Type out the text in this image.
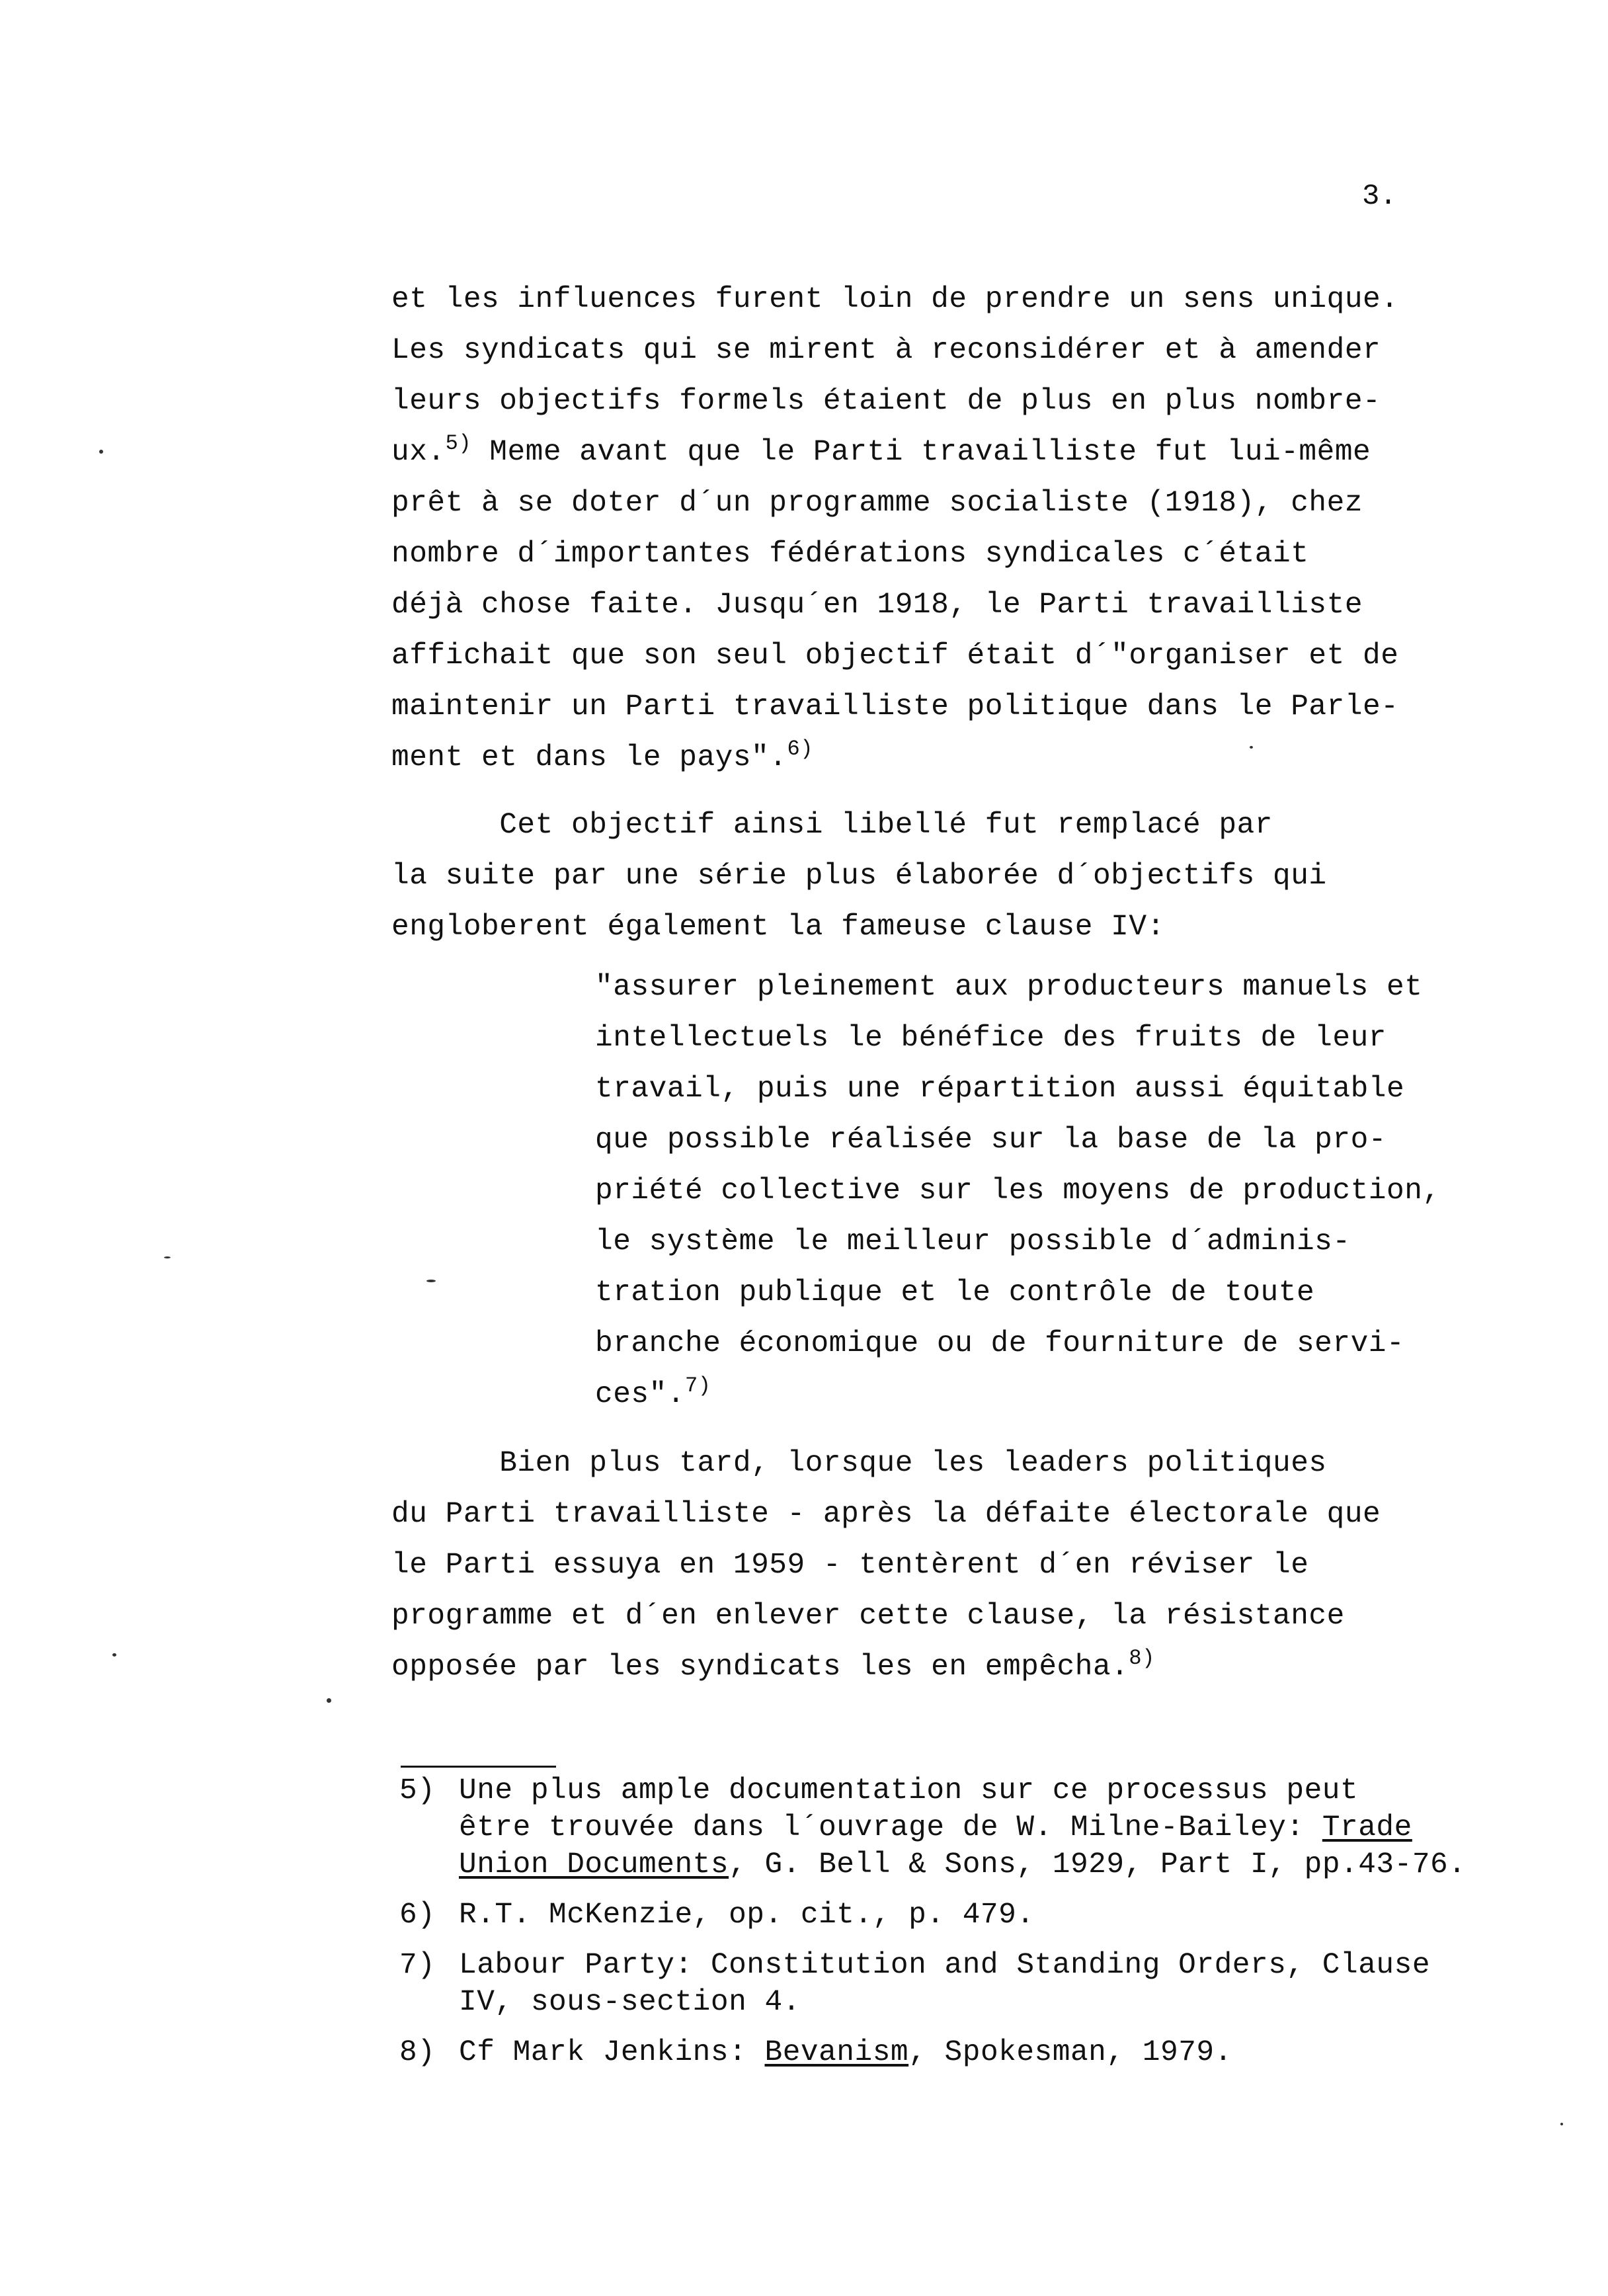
3.
et les influences furent loin de prendre un sens unique.
Les syndicats qui se mirent à reconsidérer et à amender
leurs objectifs formels étaient de plus en plus nombre-
ux.$^{5)}$ Meme avant que le Parti travailliste fut lui-même
prêt à se doter d´un programme socialiste (1918), chez
nombre d´importantes fédérations syndicales c´était
déjà chose faite. Jusqu´en 1918, le Parti travailliste
affichait que son seul objectif était d´"organiser et de
maintenir un Parti travailliste politique dans le Parle-
ment et dans le pays".$^{6)}$
Cet objectif ainsi libellé fut remplacé par
la suite par une série plus élaborée d´objectifs qui
engloberent également la fameuse clause IV:
"assurer pleinement aux producteurs manuels et
intellectuels le bénéfice des fruits de leur
travail, puis une répartition aussi équitable
que possible réalisée sur la base de la pro-
priété collective sur les moyens de production,
le système le meilleur possible d´adminis-
tration publique et le contrôle de toute
branche économique ou de fourniture de servi-
ces".$^{7)}$
Bien plus tard, lorsque les leaders politiques
du Parti travailliste - après la défaite électorale que
le Parti essuya en 1959 - tentèrent d´en réviser le
programme et d´en enlever cette clause, la résistance
opposée par les syndicats les en empêcha.$^{8)}$
5) Une plus ample documentation sur ce processus peut
être trouvée dans l´ouvrage de W. Milne-Bailey: Trade
Union Documents, G. Bell & Sons, 1929, Part I, pp.43-76.
6) R.T. McKenzie, op. cit., p. 479.
7) Labour Party: Constitution and Standing Orders, Clause
IV, sous-section 4.
8) Cf Mark Jenkins: Bevanism, Spokesman, 1979.
